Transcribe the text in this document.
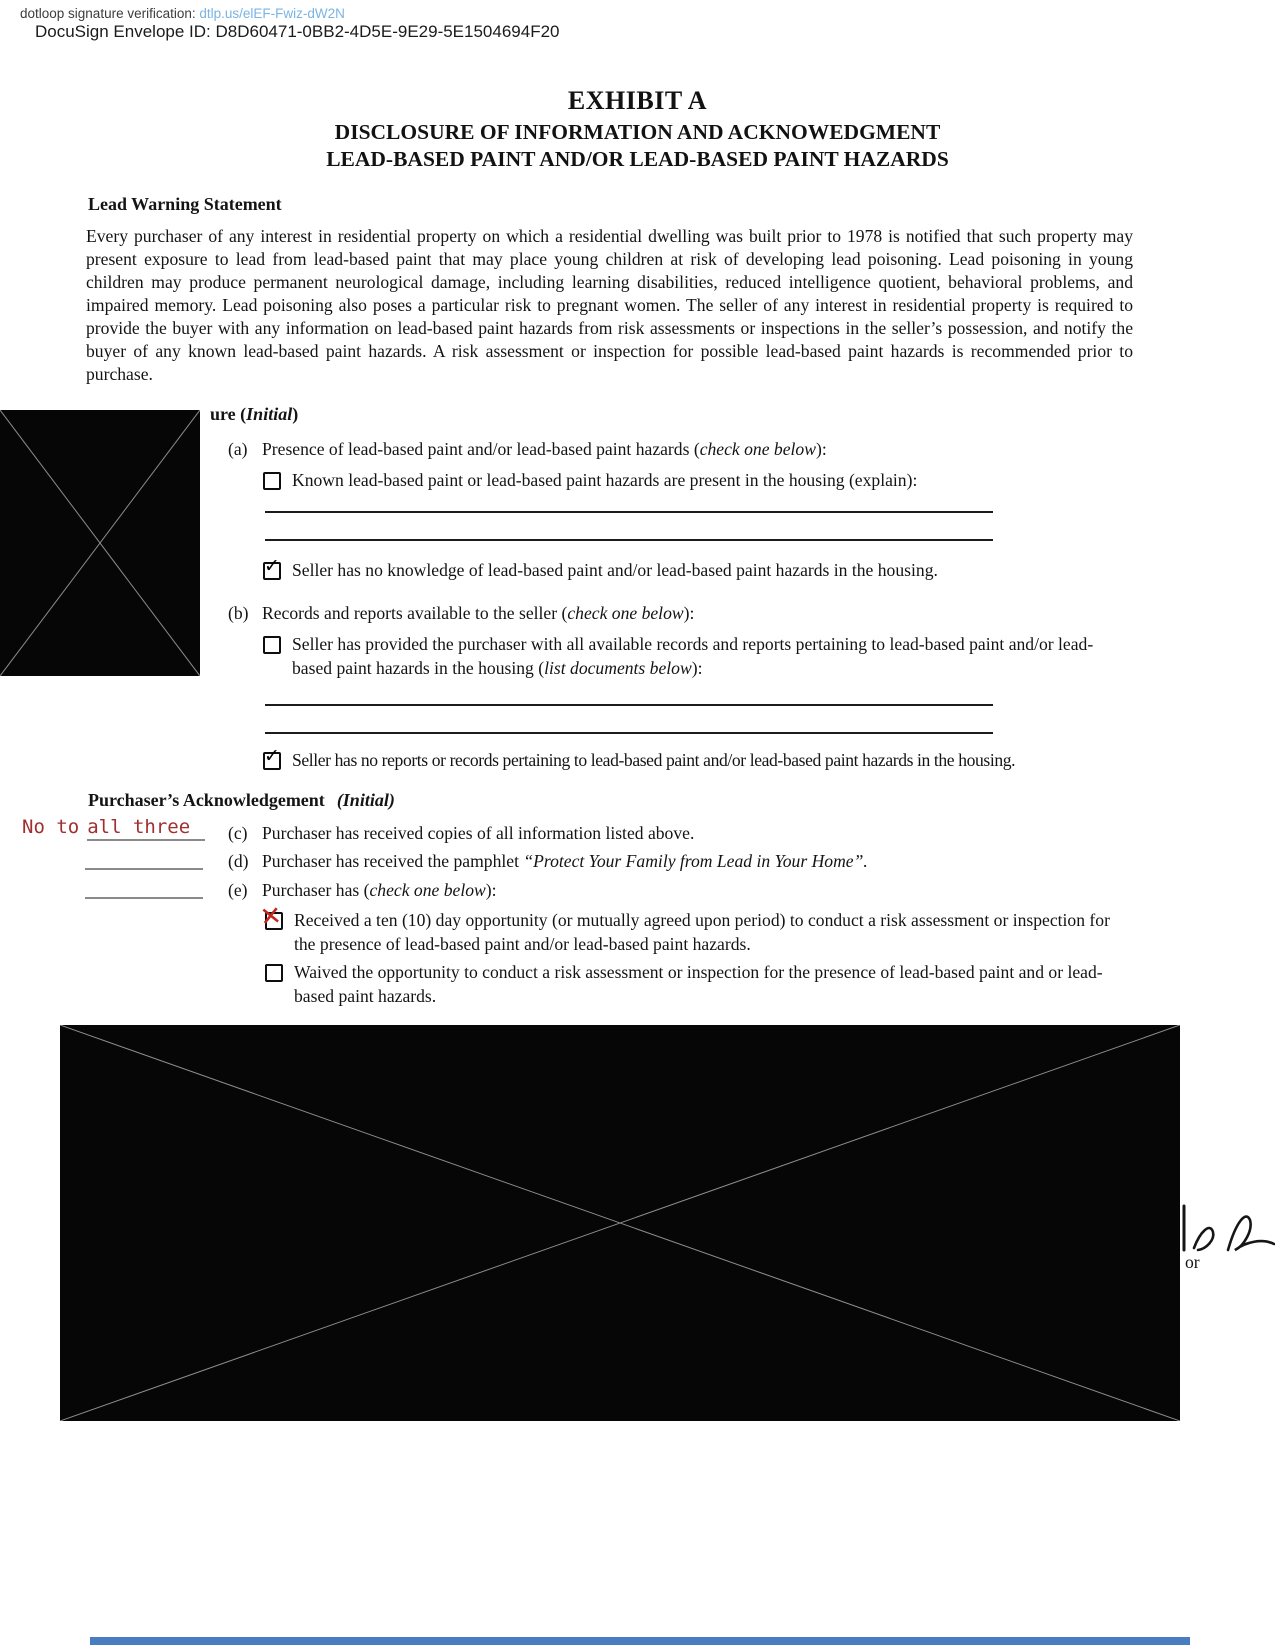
dotloop signature verification: dtlp.us/elEF-Fwiz-dW2N
DocuSign Envelope ID: D8D60471-0BB2-4D5E-9E29-5E1504694F20
EXHIBIT A
DISCLOSURE OF INFORMATION AND ACKNOWEDGMENT
LEAD-BASED PAINT AND/OR LEAD-BASED PAINT HAZARDS
Lead Warning Statement
Every purchaser of any interest in residential property on which a residential dwelling was built prior to 1978 is notified that such property may present exposure to lead from lead-based paint that may place young children at risk of developing lead poisoning. Lead poisoning in young children may produce permanent neurological damage, including learning disabilities, reduced intelligence quotient, behavioral problems, and impaired memory. Lead poisoning also poses a particular risk to pregnant women. The seller of any interest in residential property is required to provide the buyer with any information on lead-based paint hazards from risk assessments or inspections in the seller’s possession, and notify the buyer of any known lead-based paint hazards. A risk assessment or inspection for possible lead-based paint hazards is recommended prior to purchase.
ure (Initial)
(a) Presence of lead-based paint and/or lead-based paint hazards (check one below):
Known lead-based paint or lead-based paint hazards are present in the housing (explain):
✓ Seller has no knowledge of lead-based paint and/or lead-based paint hazards in the housing.
(b) Records and reports available to the seller (check one below):
Seller has provided the purchaser with all available records and reports pertaining to lead-based paint and/or lead-based paint hazards in the housing (list documents below):
✓ Seller has no reports or records pertaining to lead-based paint and/or lead-based paint hazards in the housing.
Purchaser’s Acknowledgement (Initial)
No to all three	(c) Purchaser has received copies of all information listed above.
(d) Purchaser has received the pamphlet “Protect Your Family from Lead in Your Home”.
(e) Purchaser has (check one below):
✕ Received a ten (10) day opportunity (or mutually agreed upon period) to conduct a risk assessment or inspection for the presence of lead-based paint and/or lead-based paint hazards.
Waived the opportunity to conduct a risk assessment or inspection for the presence of lead-based paint and or lead-based paint hazards.
or
